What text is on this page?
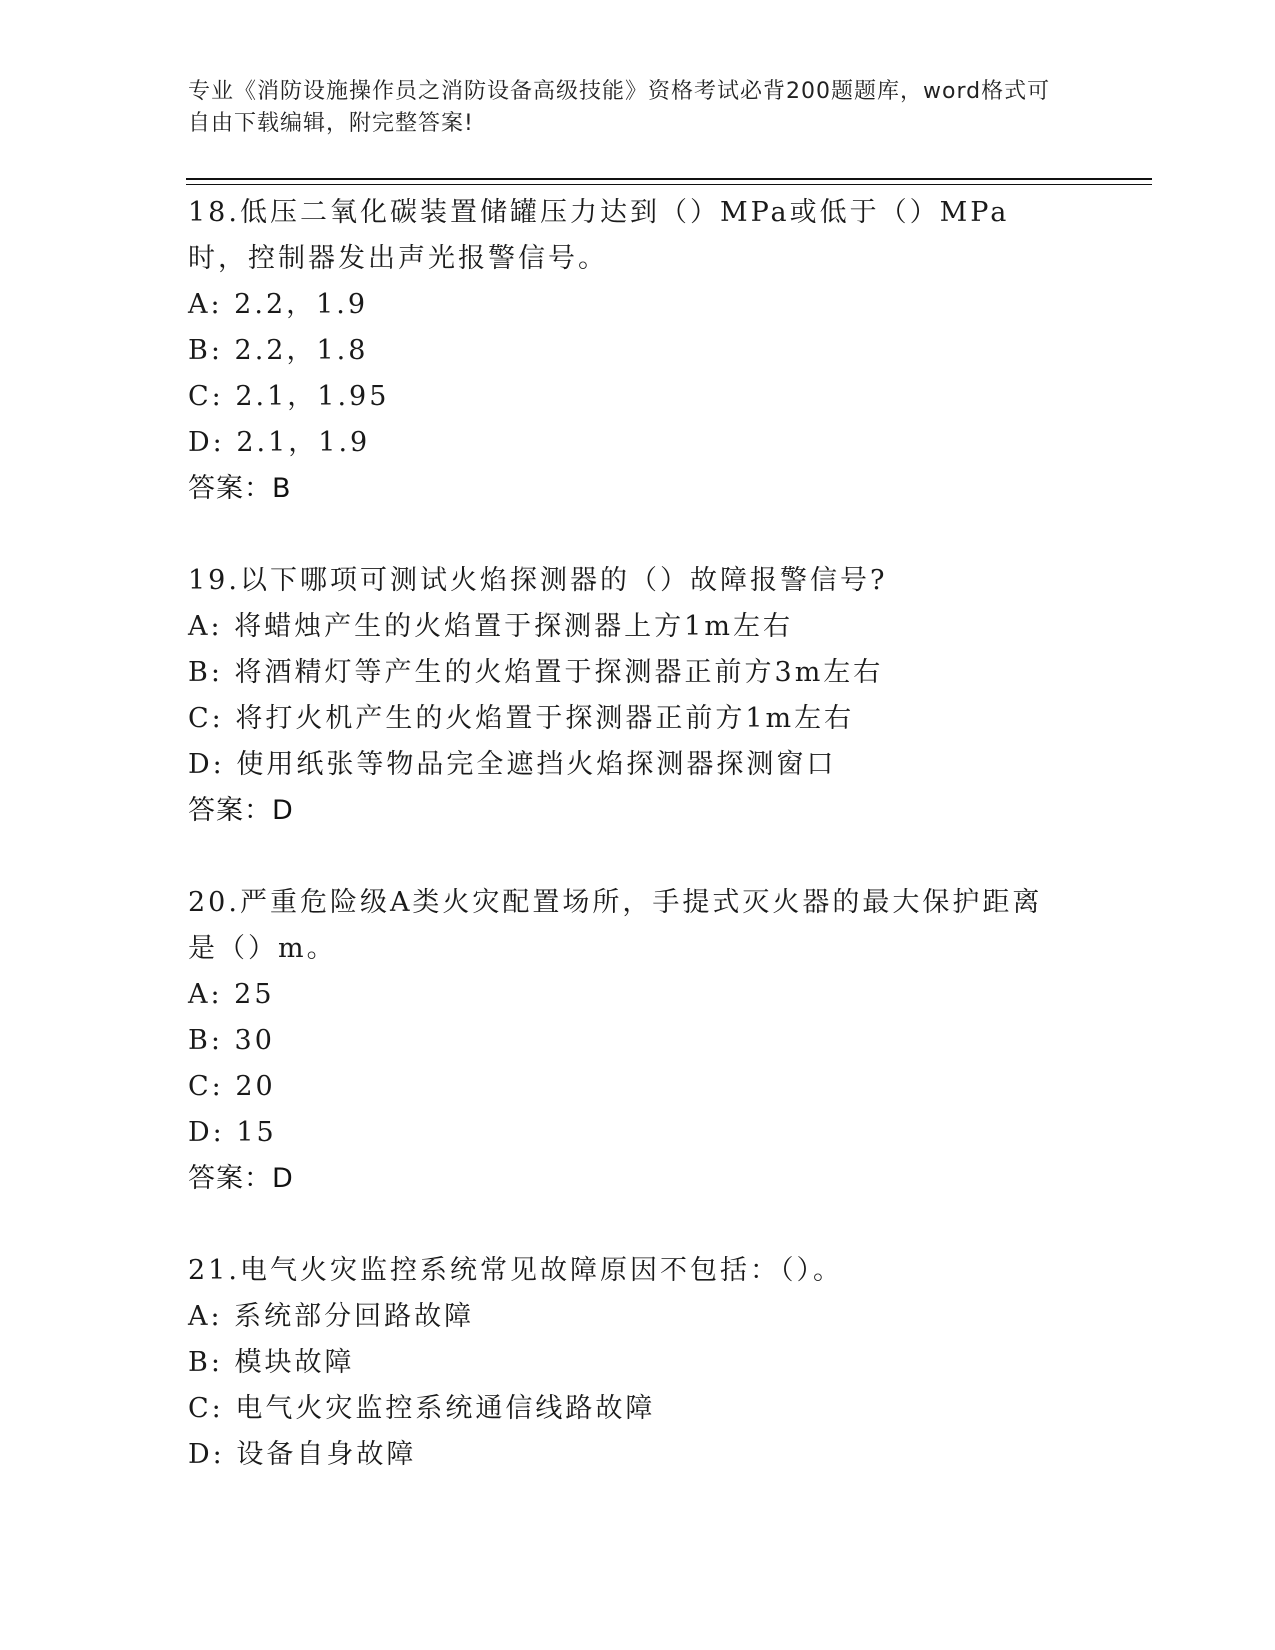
专业《消防设施操作员之消防设备高级技能》资格考试必背200题题库，word格式可自由下载编辑，附完整答案!

18.低压二氧化碳装置储罐压力达到（）MPa或低于（）MPa时，控制器发出声光报警信号。

A: 2.2，1.9

B: 2.2，1.8

C: 2.1，1.95

D: 2.1，1.9

答案：B

19.以下哪项可测试火焰探测器的（）故障报警信号?

A: 将蜡烛产生的火焰置于探测器上方1m左右

B: 将酒精灯等产生的火焰置于探测器正前方3m左右

C: 将打火机产生的火焰置于探测器正前方1m左右

D: 使用纸张等物品完全遮挡火焰探测器探测窗口

答案：D

20.严重危险级A类火灾配置场所，手提式灭火器的最大保护距离是（）m。

A: 25

B: 30

C: 20

D: 15

答案：D

21.电气火灾监控系统常见故障原因不包括：（）。

A: 系统部分回路故障

B: 模块故障

C: 电气火灾监控系统通信线路故障

D: 设备自身故障
